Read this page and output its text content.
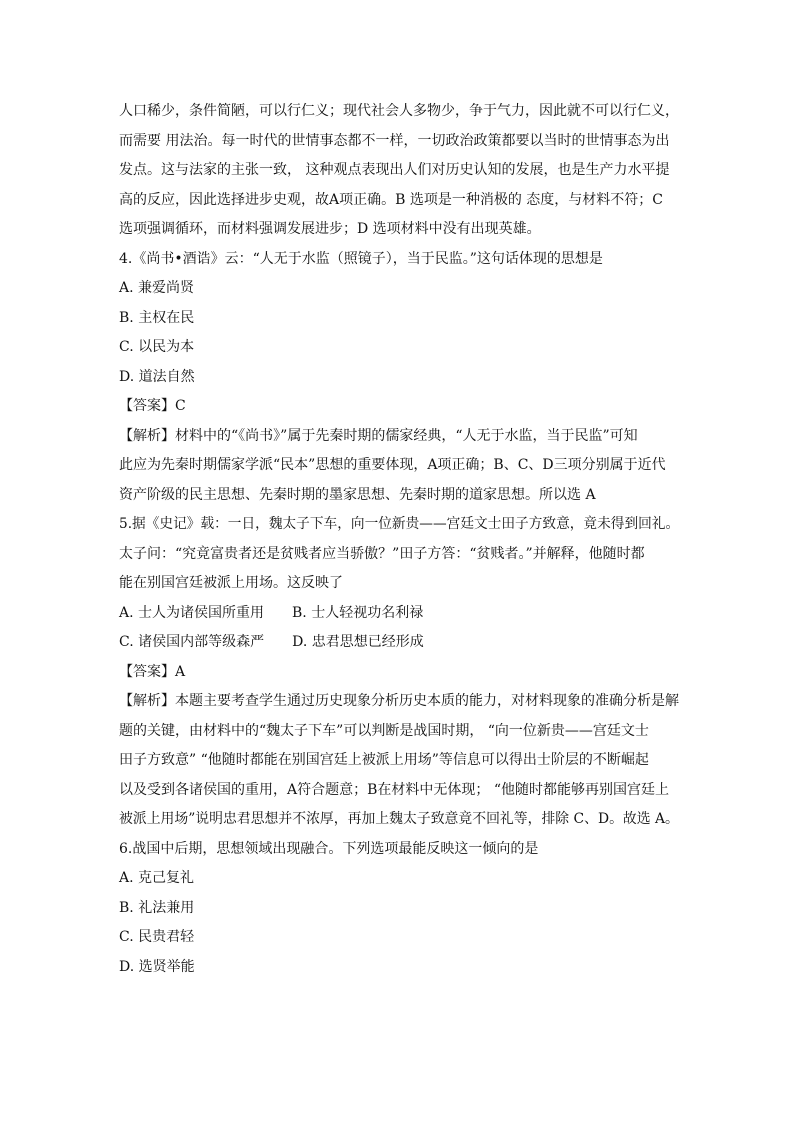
人口稀少，条件简陋，可以行仁义；现代社会人多物少，争于气力，因此就不可以行仁义，
而需要 用法治。每一时代的世情事态都不一样，一切政治政策都要以当时的世情事态为出
发点。这与法家的主张一致， 这种观点表现出人们对历史认知的发展，也是生产力水平提
高的反应，因此选择进步史观，故A项正确。B 选项是一种消极的 态度，与材料不符；C
选项强调循环，而材料强调发展进步；D 选项材料中没有出现英雄。
4.《尚书•酒诰》云：“人无于水监（照镜子），当于民监。”这句话体现的思想是
A. 兼爱尚贤
B. 主权在民
C. 以民为本
D. 道法自然
【答案】C
【解析】材料中的“《尚书》”属于先秦时期的儒家经典，“人无于水监，当于民监”可知
此应为先秦时期儒家学派“民本”思想的重要体现，A项正确；B、C、D三项分别属于近代
资产阶级的民主思想、先秦时期的墨家思想、先秦时期的道家思想。所以选 A
5.据《史记》载：一日，魏太子下车，向一位新贵——宫廷文士田子方致意，竟未得到回礼。
太子问：“究竟富贵者还是贫贱者应当骄傲？”田子方答：“贫贱者。”并解释，他随时都
能在别国宫廷被派上用场。这反映了
A. 士人为诸侯国所重用 B. 士人轻视功名利禄
C. 诸侯国内部等级森严 D. 忠君思想已经形成
【答案】A
【解析】本题主要考查学生通过历史现象分析历史本质的能力，对材料现象的准确分析是解
题的关键，由材料中的“魏太子下车”可以判断是战国时期， “向一位新贵——宫廷文士
田子方致意” “他随时都能在别国宫廷上被派上用场”等信息可以得出士阶层的不断崛起
以及受到各诸侯国的重用，A符合题意；B在材料中无体现； “他随时都能够再别国宫廷上
被派上用场”说明忠君思想并不浓厚，再加上魏太子致意竟不回礼等，排除 C、D。故选 A。
6.战国中后期，思想领域出现融合。下列选项最能反映这一倾向的是
A. 克己复礼
B. 礼法兼用
C. 民贵君轻
D. 选贤举能
